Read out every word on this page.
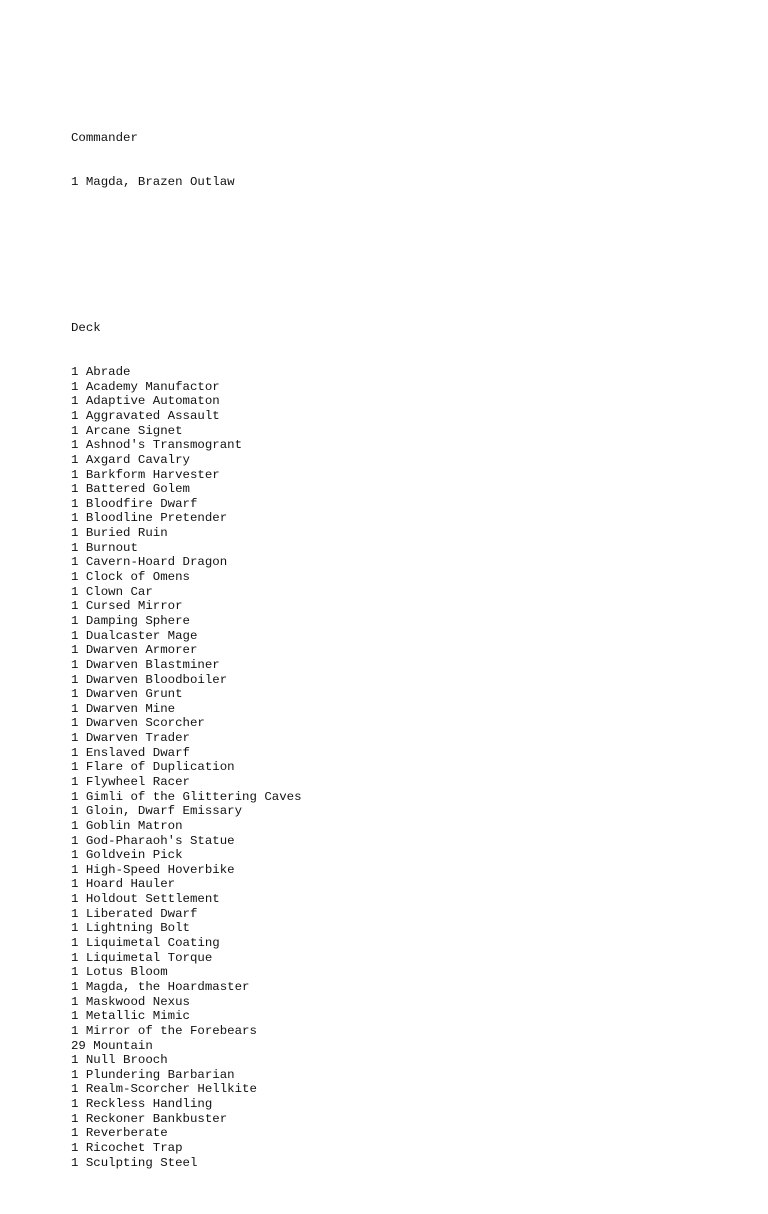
Commander

1 Magda, Brazen Outlaw

Deck

1 Abrade
1 Academy Manufactor
1 Adaptive Automaton
1 Aggravated Assault
1 Arcane Signet
1 Ashnod's Transmogrant
1 Axgard Cavalry
1 Barkform Harvester
1 Battered Golem
1 Bloodfire Dwarf
1 Bloodline Pretender
1 Buried Ruin
1 Burnout
1 Cavern-Hoard Dragon
1 Clock of Omens
1 Clown Car
1 Cursed Mirror
1 Damping Sphere
1 Dualcaster Mage
1 Dwarven Armorer
1 Dwarven Blastminer
1 Dwarven Bloodboiler
1 Dwarven Grunt
1 Dwarven Mine
1 Dwarven Scorcher
1 Dwarven Trader
1 Enslaved Dwarf
1 Flare of Duplication
1 Flywheel Racer
1 Gimli of the Glittering Caves
1 Gloin, Dwarf Emissary
1 Goblin Matron
1 God-Pharaoh's Statue
1 Goldvein Pick
1 High-Speed Hoverbike
1 Hoard Hauler
1 Holdout Settlement
1 Liberated Dwarf
1 Lightning Bolt
1 Liquimetal Coating
1 Liquimetal Torque
1 Lotus Bloom
1 Magda, the Hoardmaster
1 Maskwood Nexus
1 Metallic Mimic
1 Mirror of the Forebears
29 Mountain
1 Null Brooch
1 Plundering Barbarian
1 Realm-Scorcher Hellkite
1 Reckless Handling
1 Reckoner Bankbuster
1 Reverberate
1 Ricochet Trap
1 Sculpting Steel
